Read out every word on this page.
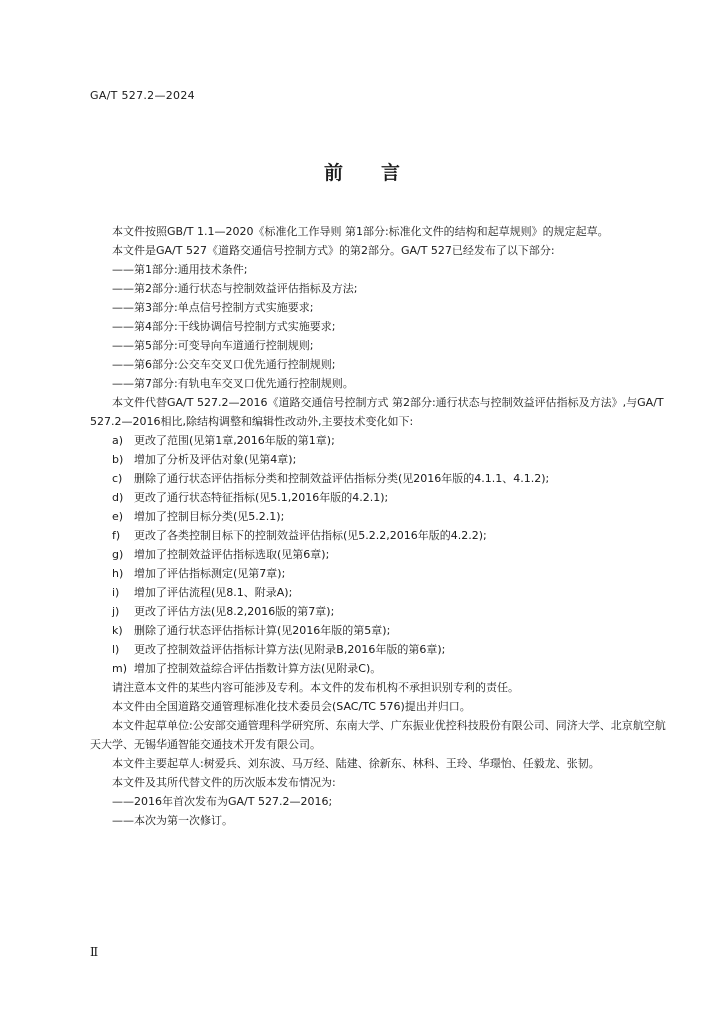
GA/T 527.2—2024
前言

本文件按照GB/T 1.1—2020《标准化工作导则 第1部分:标准化文件的结构和起草规则》的规定起草。

本文件是GA/T 527《道路交通信号控制方式》的第2部分。GA/T 527已经发布了以下部分:

——第1部分:通用技术条件;

——第2部分:通行状态与控制效益评估指标及方法;

——第3部分:单点信号控制方式实施要求;

——第4部分:干线协调信号控制方式实施要求;

——第5部分:可变导向车道通行控制规则;

——第6部分:公交车交叉口优先通行控制规则;

——第7部分:有轨电车交叉口优先通行控制规则。

本文件代替GA/T 527.2—2016《道路交通信号控制方式 第2部分:通行状态与控制效益评估指标及方法》,与GA/T 527.2—2016相比,除结构调整和编辑性改动外,主要技术变化如下:

a) 更改了范围(见第1章,2016年版的第1章);

b) 增加了分析及评估对象(见第4章);

c) 删除了通行状态评估指标分类和控制效益评估指标分类(见2016年版的4.1.1、4.1.2);

d) 更改了通行状态特征指标(见5.1,2016年版的4.2.1);

e) 增加了控制目标分类(见5.2.1);

f) 更改了各类控制目标下的控制效益评估指标(见5.2.2,2016年版的4.2.2);

g) 增加了控制效益评估指标选取(见第6章);

h) 增加了评估指标测定(见第7章);

i) 增加了评估流程(见8.1、附录A);

j) 更改了评估方法(见8.2,2016版的第7章);

k) 删除了通行状态评估指标计算(见2016年版的第5章);

l) 更改了控制效益评估指标计算方法(见附录B,2016年版的第6章);

m) 增加了控制效益综合评估指数计算方法(见附录C)。

请注意本文件的某些内容可能涉及专利。本文件的发布机构不承担识别专利的责任。

本文件由全国道路交通管理标准化技术委员会(SAC/TC 576)提出并归口。

本文件起草单位:公安部交通管理科学研究所、东南大学、广东振业优控科技股份有限公司、同济大学、北京航空航天大学、无锡华通智能交通技术开发有限公司。

本文件主要起草人:树爱兵、刘东波、马万经、陆建、徐新东、林科、王玲、华璟怡、任毅龙、张韧。

本文件及其所代替文件的历次版本发布情况为:

——2016年首次发布为GA/T 527.2—2016;

——本次为第一次修订。

Ⅱ
